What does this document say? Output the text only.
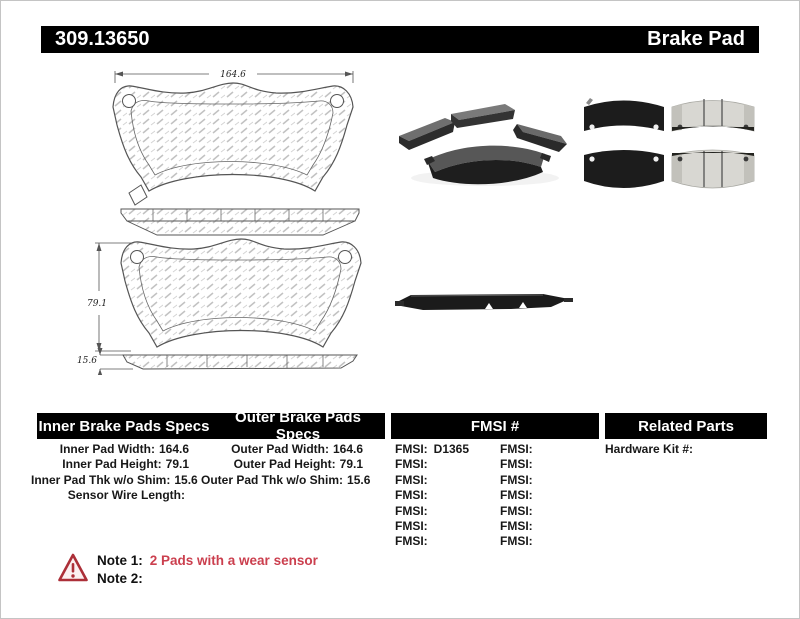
309.13650	Brake Pad
164.6
79.1
15.6
Inner Brake Pads Specs	Outer Brake Pads Specs	FMSI #	Related Parts
Inner Pad Width: 164.6
Inner Pad Height: 79.1
Inner Pad Thk w/o Shim: 15.6
Sensor Wire Length:
Outer Pad Width: 164.6
Outer Pad Height: 79.1
Outer Pad Thk w/o Shim: 15.6
FMSI: D1365
FMSI:
FMSI:
FMSI:
FMSI:
FMSI:
FMSI:
FMSI:
FMSI:
FMSI:
FMSI:
FMSI:
FMSI:
FMSI:
Hardware Kit #:
Note 1: 2 Pads with a wear sensor
Note 2:
